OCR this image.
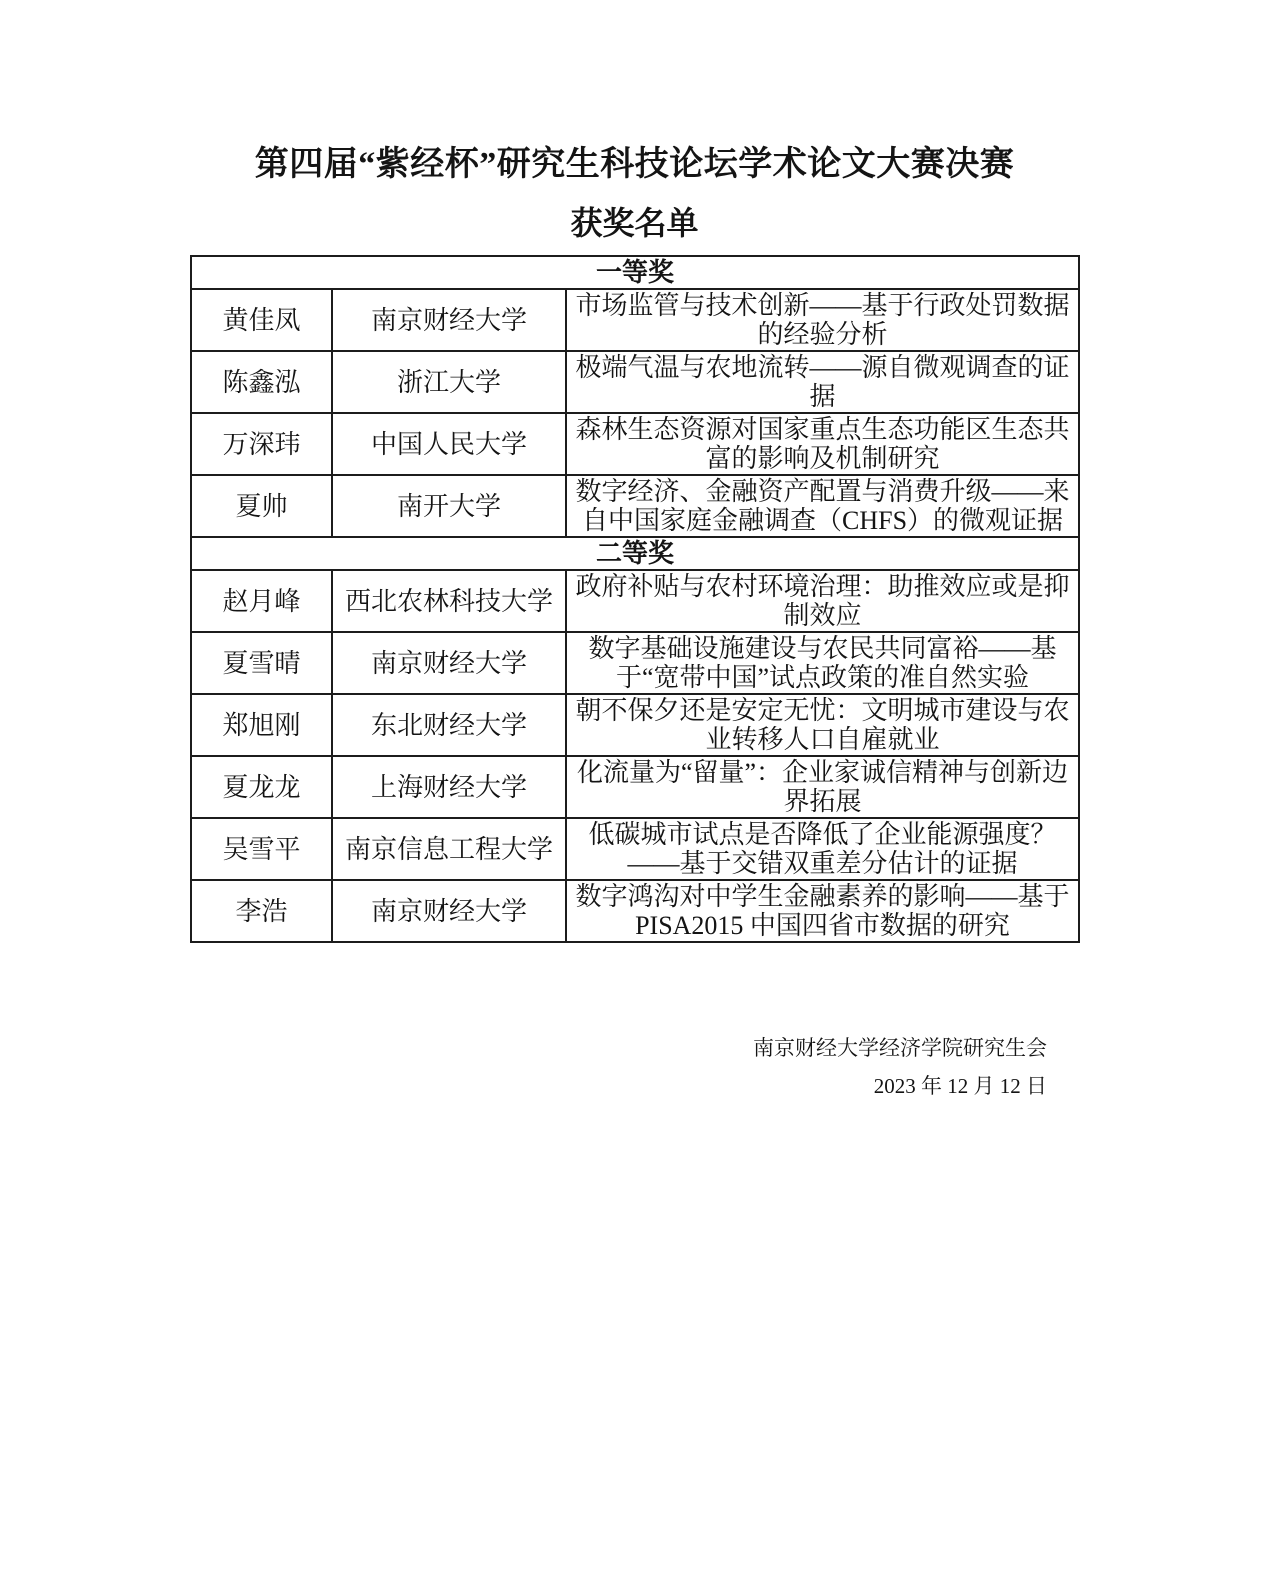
第四届“紫经杯”研究生科技论坛学术论文大赛决赛
获奖名单
一等奖		
黄佳凤	南京财经大学	市场监管与技术创新——基于行政处罚数据的经验分析
陈鑫泓	浙江大学	极端气温与农地流转——源自微观调查的证据
万深玮	中国人民大学	森林生态资源对国家重点生态功能区生态共富的影响及机制研究
夏帅	南开大学	数字经济、金融资产配置与消费升级——来自中国家庭金融调查（CHFS）的微观证据
二等奖		
赵月峰	西北农林科技大学	政府补贴与农村环境治理：助推效应或是抑制效应
夏雪晴	南京财经大学	数字基础设施建设与农民共同富裕——基于“宽带中国”试点政策的准自然实验
郑旭刚	东北财经大学	朝不保夕还是安定无忧：文明城市建设与农业转移人口自雇就业
夏龙龙	上海财经大学	化流量为“留量”：企业家诚信精神与创新边界拓展
吴雪平	南京信息工程大学	低碳城市试点是否降低了企业能源强度？——基于交错双重差分估计的证据
李浩	南京财经大学	数字鸿沟对中学生金融素养的影响——基于 PISA2015 中国四省市数据的研究
南京财经大学经济学院研究生会
2023 年 12 月 12 日
